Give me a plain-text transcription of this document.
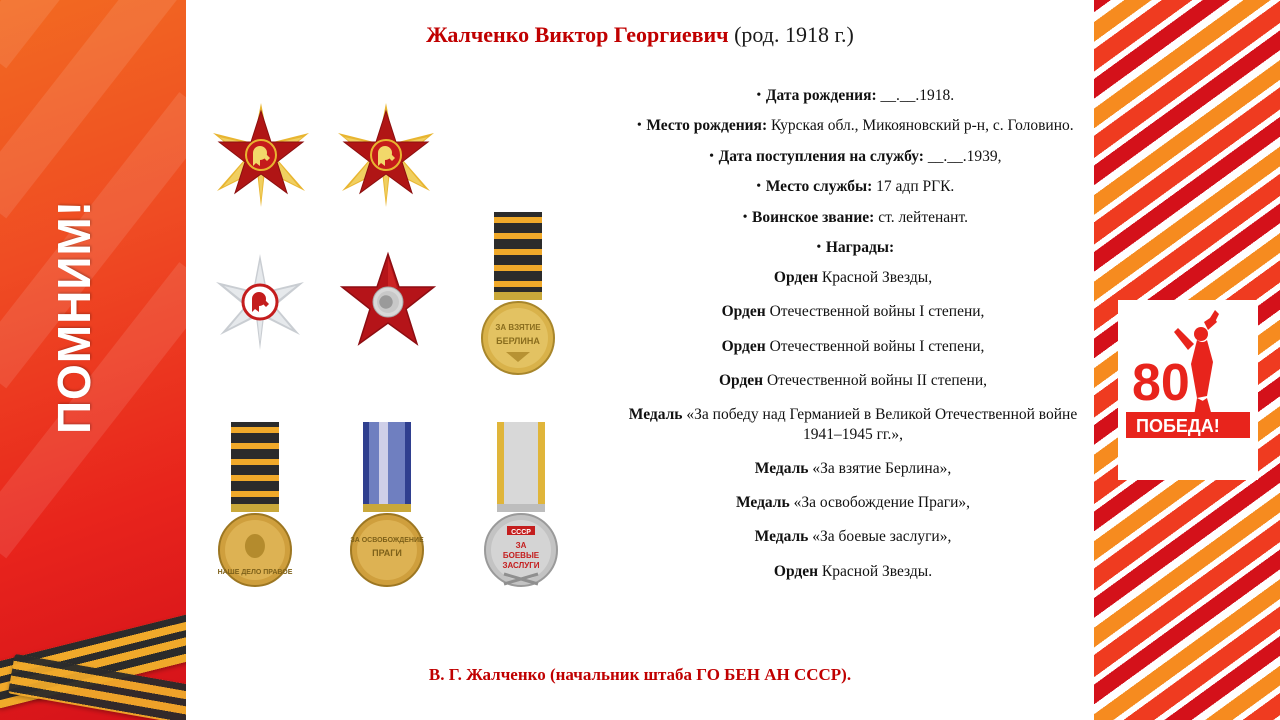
ПОМНИМ!	80
ПОБЕДА!
Жалченко Виктор Георгиевич (род. 1918 г.)
ЗА ВЗЯТИЕ
БЕРЛИНА
НАШЕ ДЕЛО ПРАВОЕ
ЗА ОСВОБОЖДЕНИЕ
ПРАГИ
СССР
ЗА
БОЕВЫЕ
ЗАСЛУГИ
• Дата рождения: __.__.1918.
• Место рождения: Курская обл., Микояновский р-н, с. Головино.
• Дата поступления на службу: __.__.1939,
• Место службы: 17 адп РГК.
• Воинское звание: ст. лейтенант.
• Награды:
Орден Красной Звезды,
Орден Отечественной войны I степени,
Орден Отечественной войны I степени,
Орден Отечественной войны II степени,
Медаль «За победу над Германией в Великой Отечественной войне 1941–1945 гг.»,
Медаль «За взятие Берлина»,
Медаль «За освобождение Праги»,
Медаль «За боевые заслуги»,
Орден Красной Звезды.
В. Г. Жалченко (начальник штаба ГО БЕН АН СССР).
